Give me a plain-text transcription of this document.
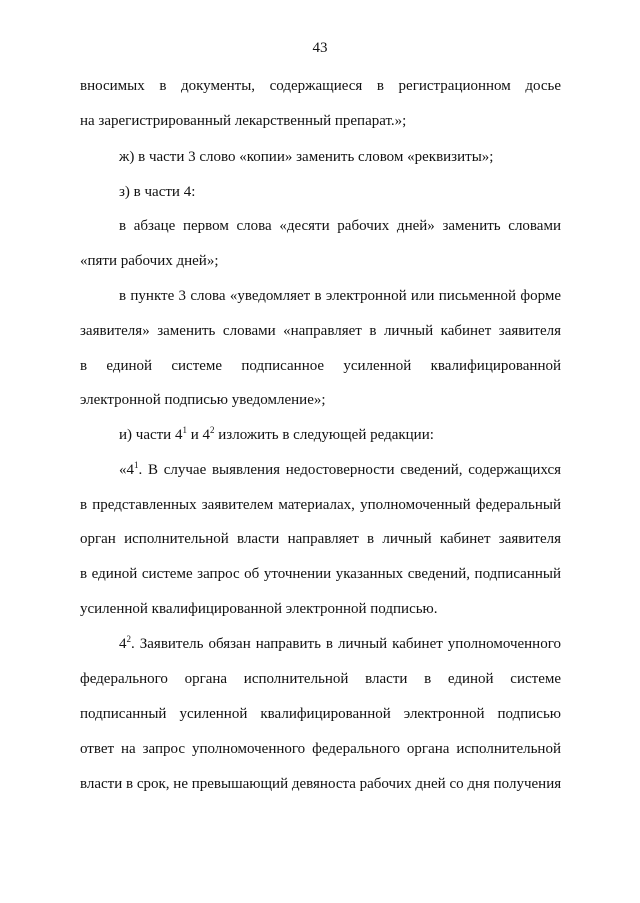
43
вносимых в документы, содержащиеся в регистрационном досье
на зарегистрированный лекарственный препарат.»;
ж) в части 3 слово «копии» заменить словом «реквизиты»;
з) в части 4:
в абзаце первом слова «десяти рабочих дней» заменить словами
«пяти рабочих дней»;
в пункте 3 слова «уведомляет в электронной или письменной форме
заявителя» заменить словами «направляет в личный кабинет заявителя
в единой системе подписанное усиленной квалифицированной
электронной подписью уведомление»;
и) части $4^1$ и $4^2$ изложить в следующей редакции:
«$4^1$. В случае выявления недостоверности сведений, содержащихся
в представленных заявителем материалах, уполномоченный федеральный
орган исполнительной власти направляет в личный кабинет заявителя
в единой системе запрос об уточнении указанных сведений, подписанный
усиленной квалифицированной электронной подписью.
$4^2$. Заявитель обязан направить в личный кабинет уполномоченного
федерального органа исполнительной власти в единой системе
подписанный усиленной квалифицированной электронной подписью
ответ на запрос уполномоченного федерального органа исполнительной
власти в срок, не превышающий девяноста рабочих дней со дня получения
